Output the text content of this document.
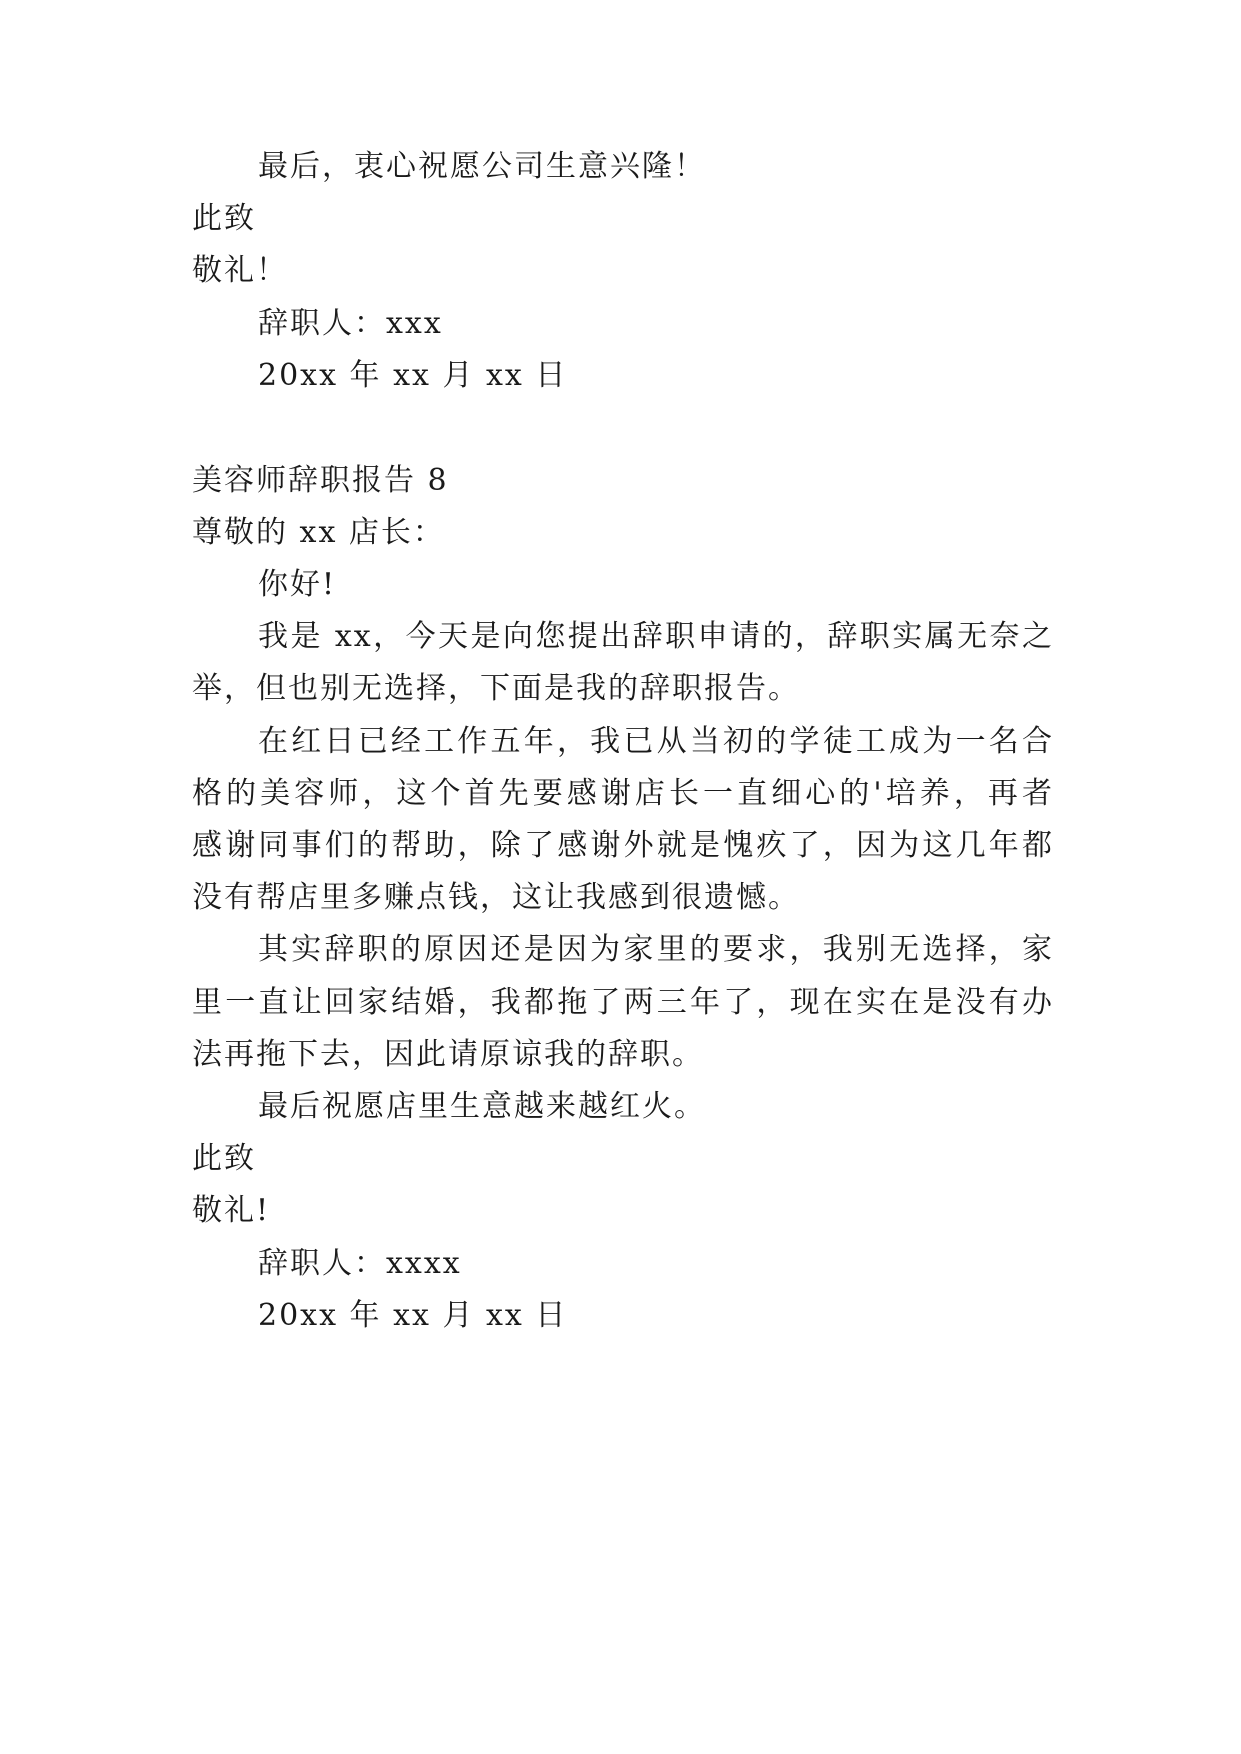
最后，衷心祝愿公司生意兴隆！
此致
敬礼！
辞职人：xxx
20xx 年 xx 月 xx 日
美容师辞职报告 8
尊敬的 xx 店长：
你好!
我是 xx，今天是向您提出辞职申请的，辞职实属无奈之
举，但也别无选择，下面是我的辞职报告。
在红日已经工作五年，我已从当初的学徒工成为一名合
格的美容师，这个首先要感谢店长一直细心的'培养，再者
感谢同事们的帮助，除了感谢外就是愧疚了，因为这几年都
没有帮店里多赚点钱，这让我感到很遗憾。
其实辞职的原因还是因为家里的要求，我别无选择，家
里一直让回家结婚，我都拖了两三年了，现在实在是没有办
法再拖下去，因此请原谅我的辞职。
最后祝愿店里生意越来越红火。
此致
敬礼!
辞职人：xxxx
20xx 年 xx 月 xx 日
